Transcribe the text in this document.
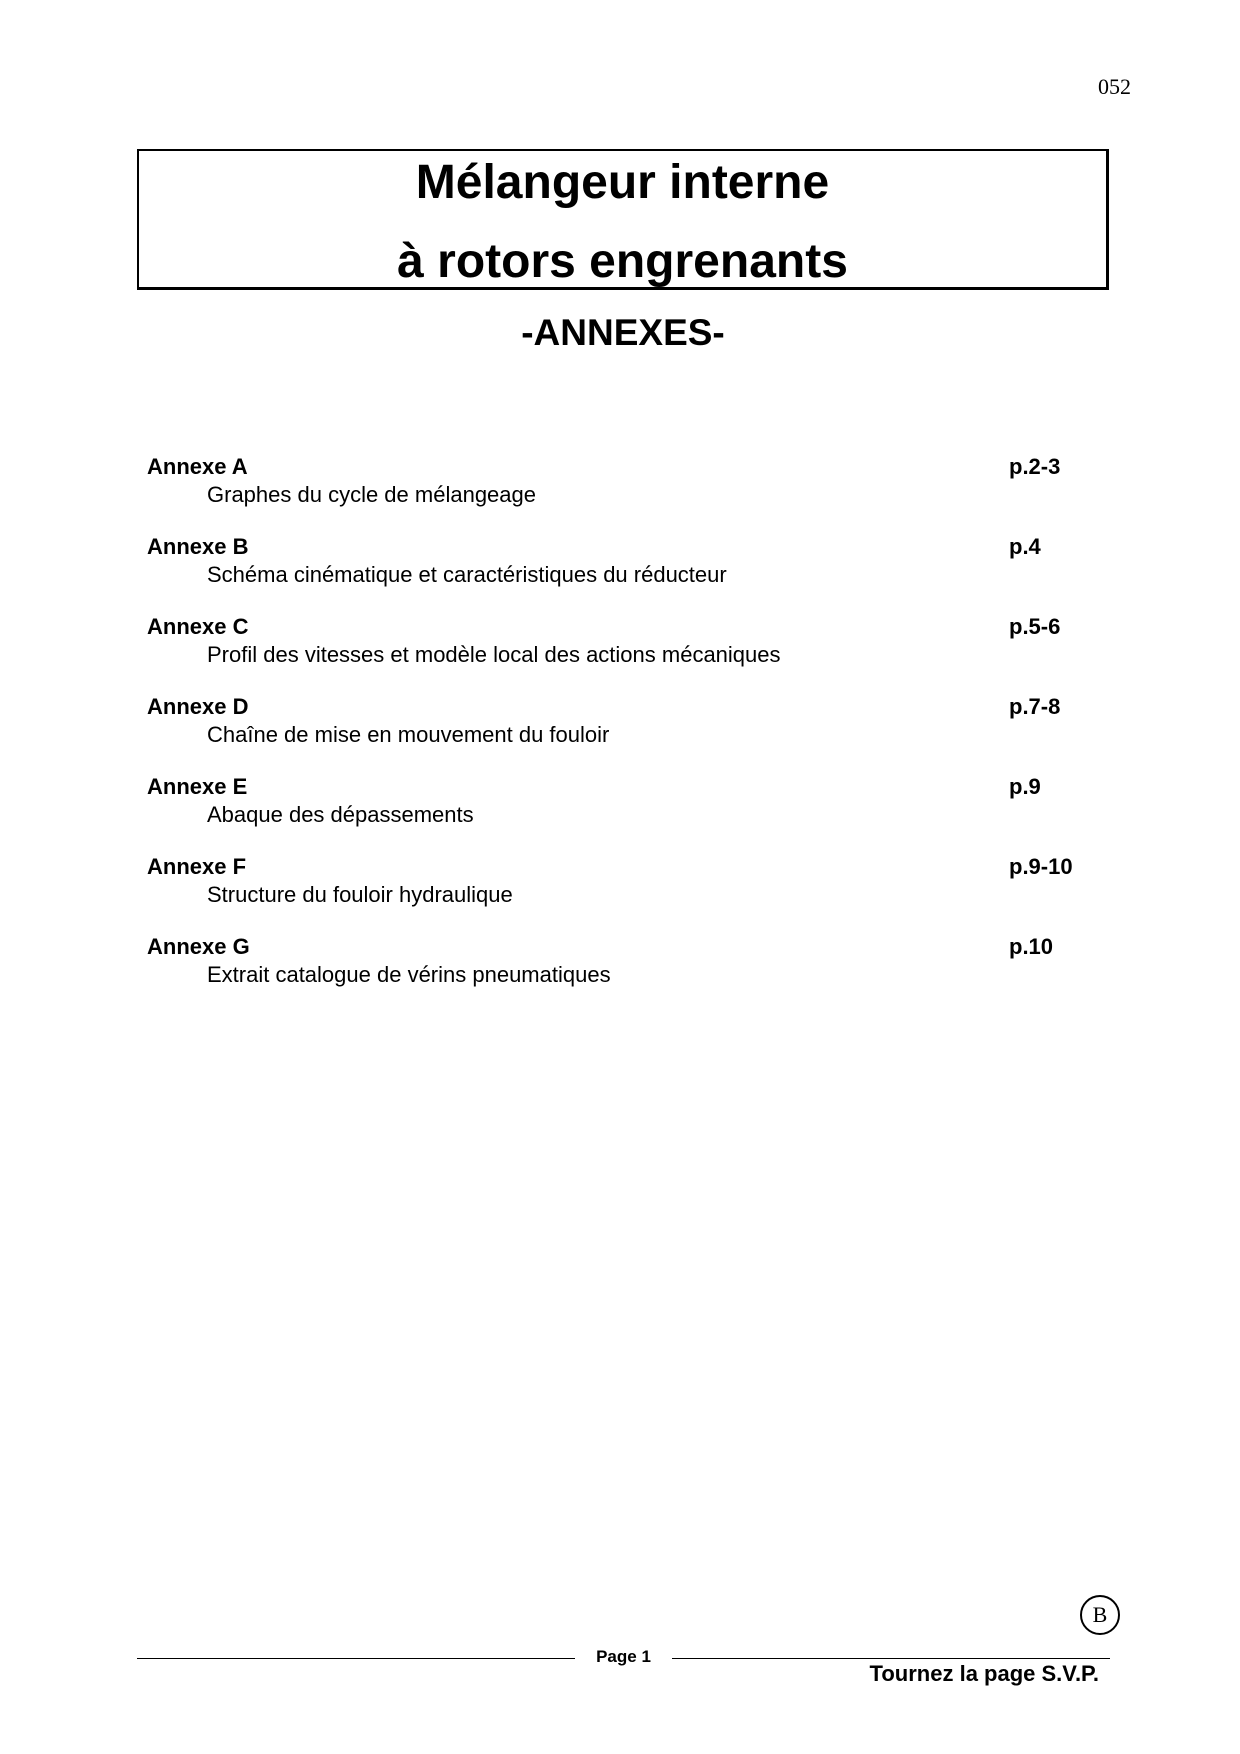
052
Mélangeur interne
à rotors engrenants
-ANNEXES-
Annexe A	p.2-3
Graphes du cycle de mélangeage
Annexe B	p.4
Schéma cinématique et caractéristiques du réducteur
Annexe C	p.5-6
Profil des vitesses et modèle local des actions mécaniques
Annexe D	p.7-8
Chaîne de mise en mouvement du fouloir
Annexe E	p.9
Abaque des dépassements
Annexe F	p.9-10
Structure du fouloir hydraulique
Annexe G	p.10
Extrait catalogue de vérins pneumatiques
B
Page 1
Tournez la page S.V.P.
